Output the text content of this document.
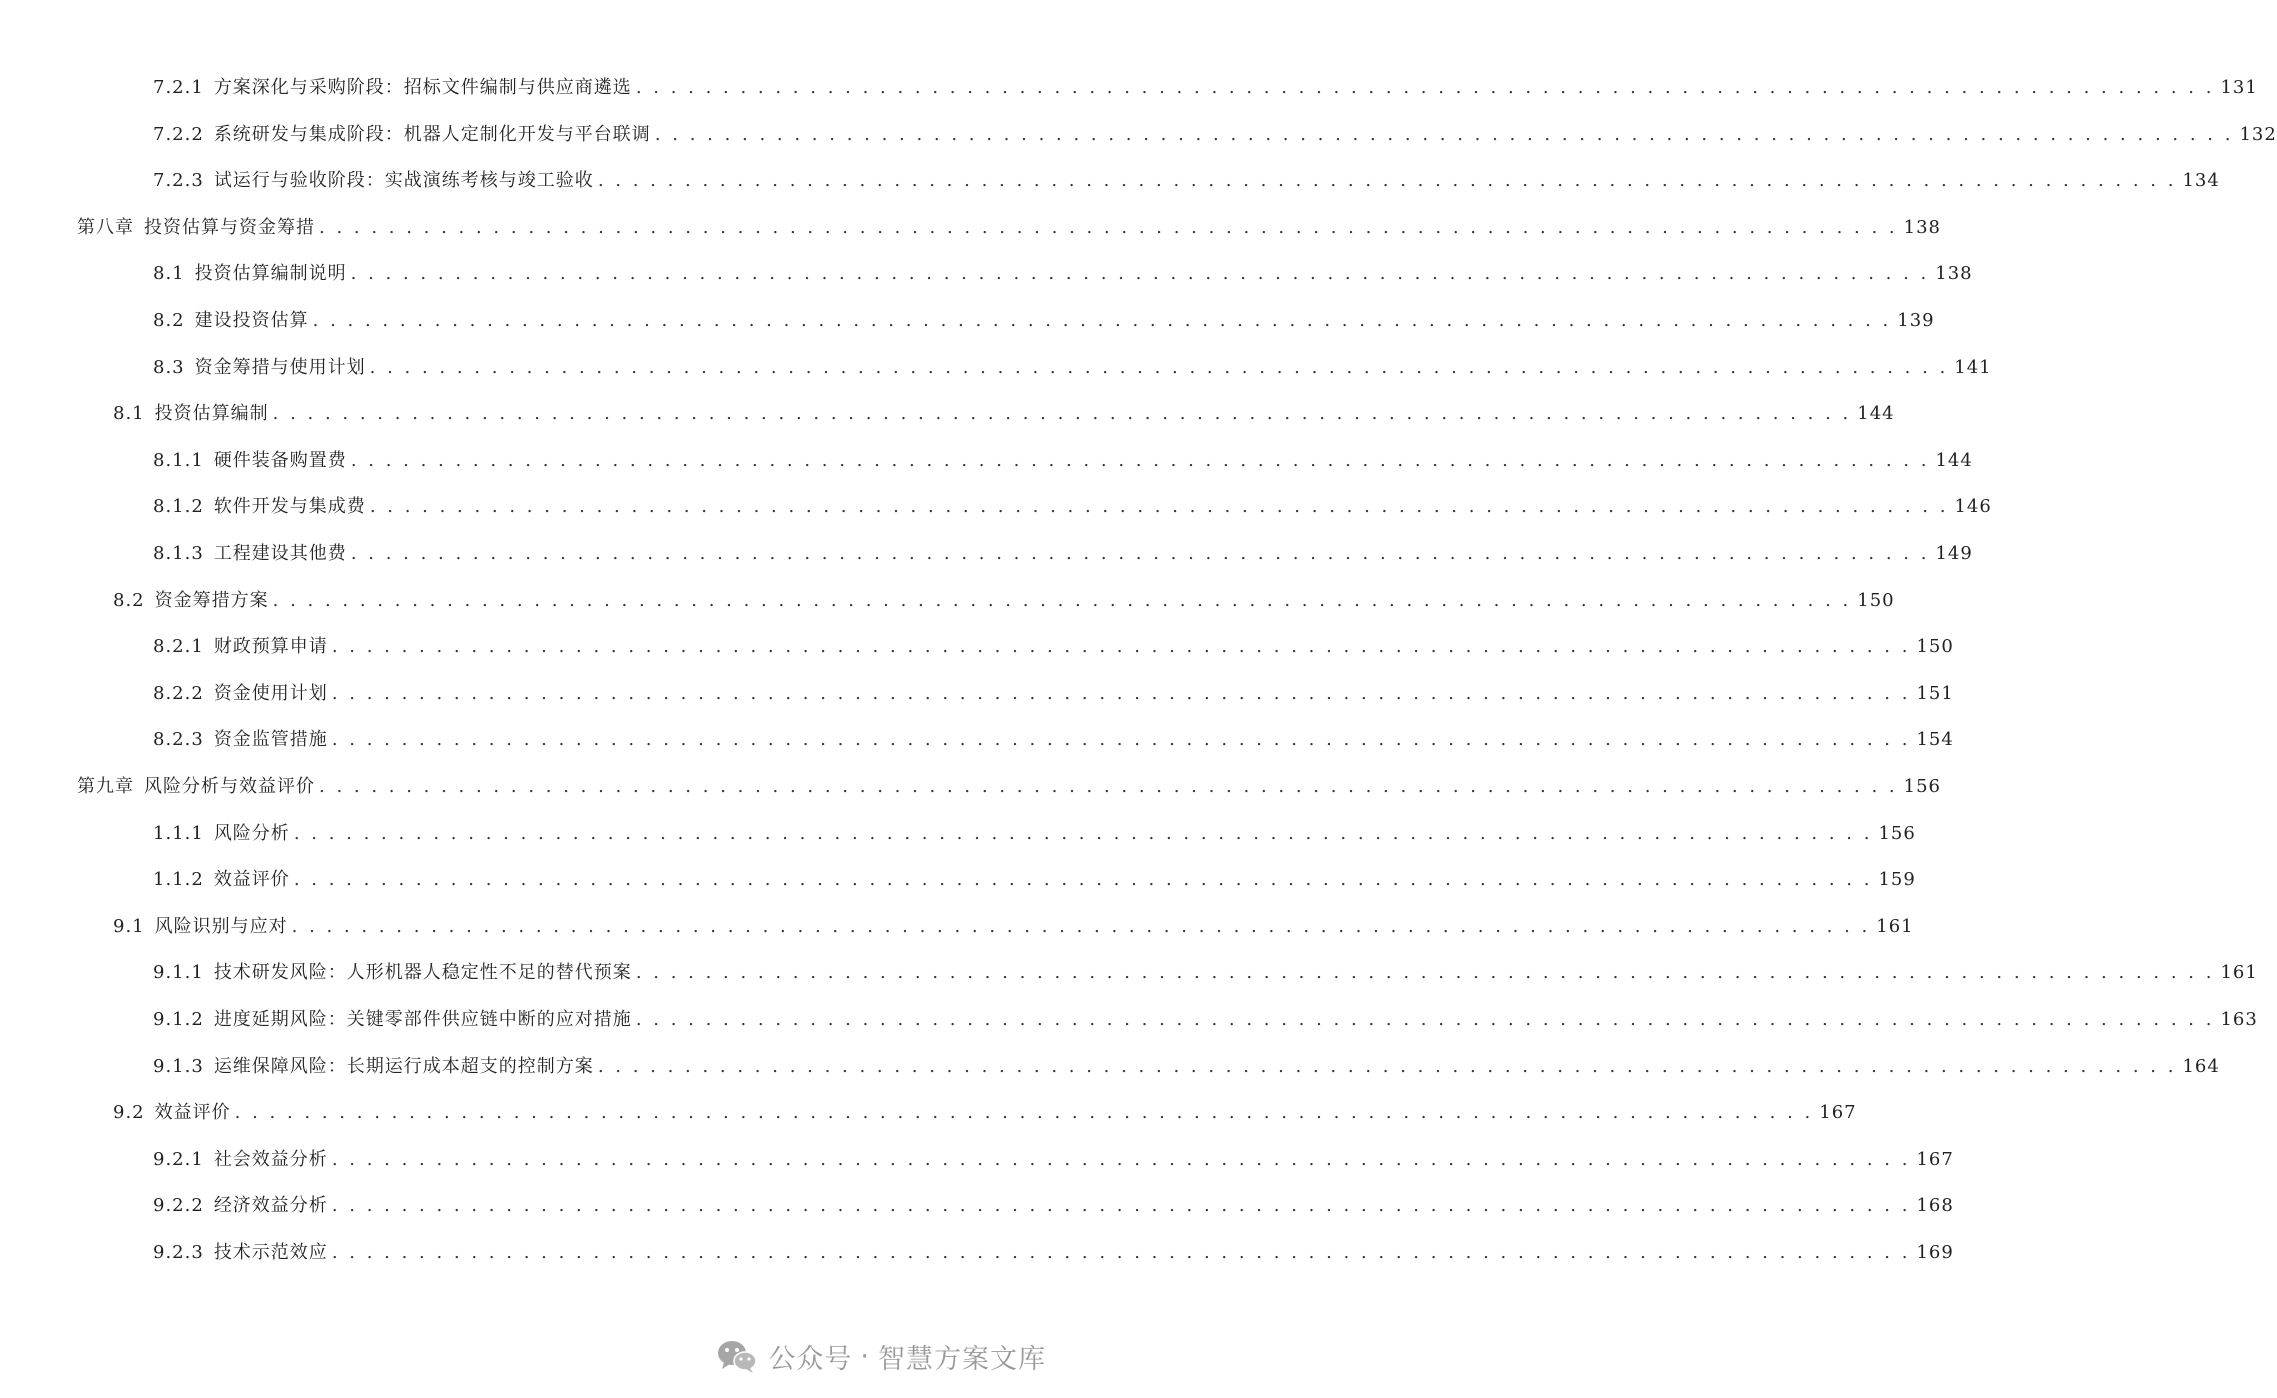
7.2.1 方案深化与采购阶段：招标文件编制与供应商遴选 . . . . . . . . . . . . . . . . . . . . . . . . . . . . . . . . . . . . . . . . . . . . . . . . . . . . . . . . . . . . . . . . . . . . . . . . . . . . . . . . . . . . . . . . . . . 131
7.2.2 系统研发与集成阶段：机器人定制化开发与平台联调 . . . . . . . . . . . . . . . . . . . . . . . . . . . . . . . . . . . . . . . . . . . . . . . . . . . . . . . . . . . . . . . . . . . . . . . . . . . . . . . . . . . . . . . . . . . 132
7.2.3 试运行与验收阶段：实战演练考核与竣工验收 . . . . . . . . . . . . . . . . . . . . . . . . . . . . . . . . . . . . . . . . . . . . . . . . . . . . . . . . . . . . . . . . . . . . . . . . . . . . . . . . . . . . . . . . . . . 134
第八章 投资估算与资金筹措 . . . . . . . . . . . . . . . . . . . . . . . . . . . . . . . . . . . . . . . . . . . . . . . . . . . . . . . . . . . . . . . . . . . . . . . . . . . . . . . . . . . . . . . . . . . 138
8.1 投资估算编制说明 . . . . . . . . . . . . . . . . . . . . . . . . . . . . . . . . . . . . . . . . . . . . . . . . . . . . . . . . . . . . . . . . . . . . . . . . . . . . . . . . . . . . . . . . . . . 138
8.2 建设投资估算 . . . . . . . . . . . . . . . . . . . . . . . . . . . . . . . . . . . . . . . . . . . . . . . . . . . . . . . . . . . . . . . . . . . . . . . . . . . . . . . . . . . . . . . . . . . 139
8.3 资金筹措与使用计划 . . . . . . . . . . . . . . . . . . . . . . . . . . . . . . . . . . . . . . . . . . . . . . . . . . . . . . . . . . . . . . . . . . . . . . . . . . . . . . . . . . . . . . . . . . . 141
8.1 投资估算编制 . . . . . . . . . . . . . . . . . . . . . . . . . . . . . . . . . . . . . . . . . . . . . . . . . . . . . . . . . . . . . . . . . . . . . . . . . . . . . . . . . . . . . . . . . . . 144
8.1.1 硬件装备购置费 . . . . . . . . . . . . . . . . . . . . . . . . . . . . . . . . . . . . . . . . . . . . . . . . . . . . . . . . . . . . . . . . . . . . . . . . . . . . . . . . . . . . . . . . . . . 144
8.1.2 软件开发与集成费 . . . . . . . . . . . . . . . . . . . . . . . . . . . . . . . . . . . . . . . . . . . . . . . . . . . . . . . . . . . . . . . . . . . . . . . . . . . . . . . . . . . . . . . . . . . 146
8.1.3 工程建设其他费 . . . . . . . . . . . . . . . . . . . . . . . . . . . . . . . . . . . . . . . . . . . . . . . . . . . . . . . . . . . . . . . . . . . . . . . . . . . . . . . . . . . . . . . . . . . 149
8.2 资金筹措方案 . . . . . . . . . . . . . . . . . . . . . . . . . . . . . . . . . . . . . . . . . . . . . . . . . . . . . . . . . . . . . . . . . . . . . . . . . . . . . . . . . . . . . . . . . . . 150
8.2.1 财政预算申请 . . . . . . . . . . . . . . . . . . . . . . . . . . . . . . . . . . . . . . . . . . . . . . . . . . . . . . . . . . . . . . . . . . . . . . . . . . . . . . . . . . . . . . . . . . . 150
8.2.2 资金使用计划 . . . . . . . . . . . . . . . . . . . . . . . . . . . . . . . . . . . . . . . . . . . . . . . . . . . . . . . . . . . . . . . . . . . . . . . . . . . . . . . . . . . . . . . . . . . 151
8.2.3 资金监管措施 . . . . . . . . . . . . . . . . . . . . . . . . . . . . . . . . . . . . . . . . . . . . . . . . . . . . . . . . . . . . . . . . . . . . . . . . . . . . . . . . . . . . . . . . . . . 154
第九章 风险分析与效益评价 . . . . . . . . . . . . . . . . . . . . . . . . . . . . . . . . . . . . . . . . . . . . . . . . . . . . . . . . . . . . . . . . . . . . . . . . . . . . . . . . . . . . . . . . . . . 156
1.1.1 风险分析 . . . . . . . . . . . . . . . . . . . . . . . . . . . . . . . . . . . . . . . . . . . . . . . . . . . . . . . . . . . . . . . . . . . . . . . . . . . . . . . . . . . . . . . . . . . 156
1.1.2 效益评价 . . . . . . . . . . . . . . . . . . . . . . . . . . . . . . . . . . . . . . . . . . . . . . . . . . . . . . . . . . . . . . . . . . . . . . . . . . . . . . . . . . . . . . . . . . . 159
9.1 风险识别与应对 . . . . . . . . . . . . . . . . . . . . . . . . . . . . . . . . . . . . . . . . . . . . . . . . . . . . . . . . . . . . . . . . . . . . . . . . . . . . . . . . . . . . . . . . . . . 161
9.1.1 技术研发风险：人形机器人稳定性不足的替代预案 . . . . . . . . . . . . . . . . . . . . . . . . . . . . . . . . . . . . . . . . . . . . . . . . . . . . . . . . . . . . . . . . . . . . . . . . . . . . . . . . . . . . . . . . . . . 161
9.1.2 进度延期风险：关键零部件供应链中断的应对措施 . . . . . . . . . . . . . . . . . . . . . . . . . . . . . . . . . . . . . . . . . . . . . . . . . . . . . . . . . . . . . . . . . . . . . . . . . . . . . . . . . . . . . . . . . . . 163
9.1.3 运维保障风险：长期运行成本超支的控制方案 . . . . . . . . . . . . . . . . . . . . . . . . . . . . . . . . . . . . . . . . . . . . . . . . . . . . . . . . . . . . . . . . . . . . . . . . . . . . . . . . . . . . . . . . . . . 164
9.2 效益评价 . . . . . . . . . . . . . . . . . . . . . . . . . . . . . . . . . . . . . . . . . . . . . . . . . . . . . . . . . . . . . . . . . . . . . . . . . . . . . . . . . . . . . . . . . . . 167
9.2.1 社会效益分析 . . . . . . . . . . . . . . . . . . . . . . . . . . . . . . . . . . . . . . . . . . . . . . . . . . . . . . . . . . . . . . . . . . . . . . . . . . . . . . . . . . . . . . . . . . . 167
9.2.2 经济效益分析 . . . . . . . . . . . . . . . . . . . . . . . . . . . . . . . . . . . . . . . . . . . . . . . . . . . . . . . . . . . . . . . . . . . . . . . . . . . . . . . . . . . . . . . . . . . 168
9.2.3 技术示范效应 . . . . . . . . . . . . . . . . . . . . . . . . . . . . . . . . . . . . . . . . . . . . . . . . . . . . . . . . . . . . . . . . . . . . . . . . . . . . . . . . . . . . . . . . . . . 169
公众号 · 智慧方案文库
